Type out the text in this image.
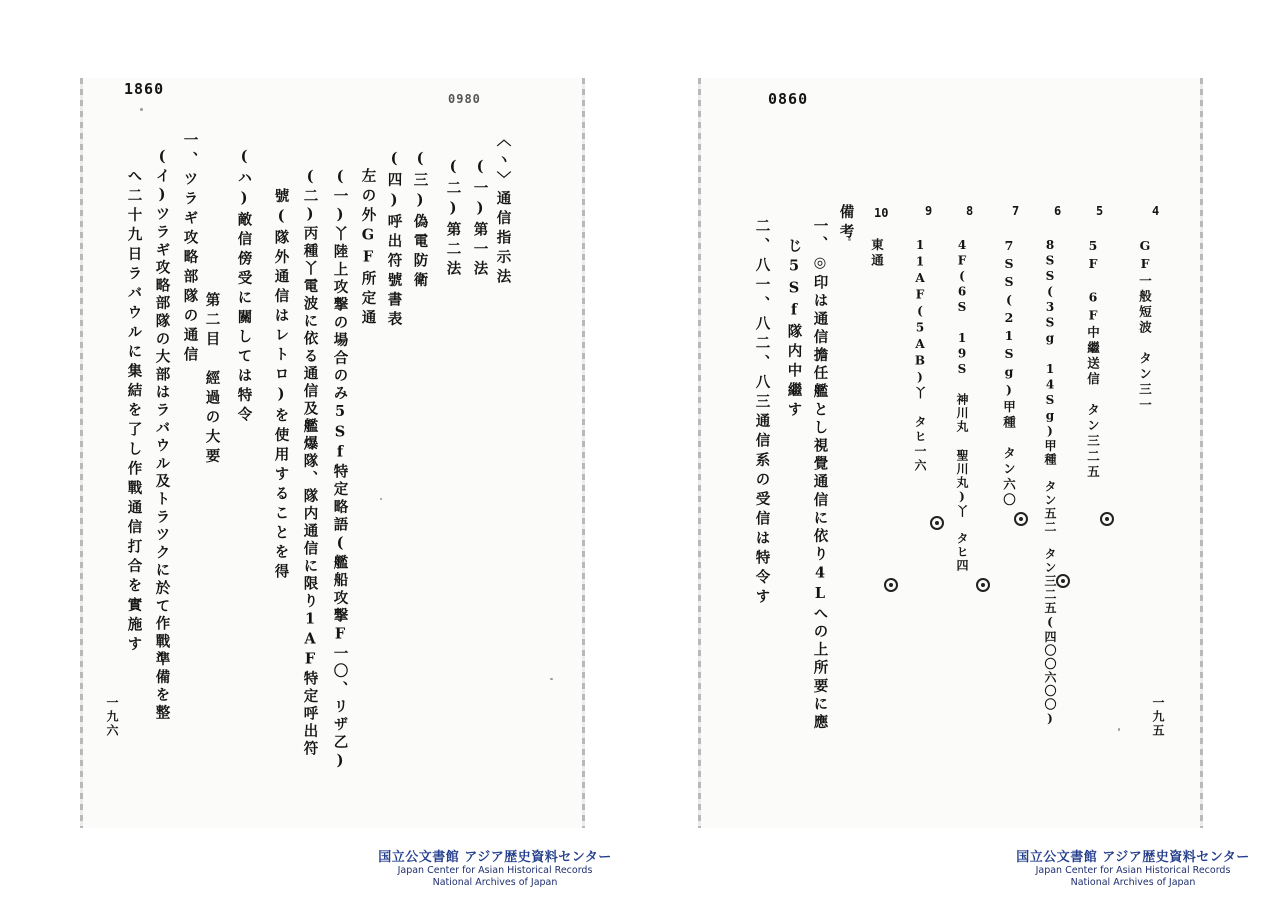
1860
0980
〈ヽ〉通信指示法
(一)第一法
(二)第二法
(三)偽電防衛
(四)呼出符號書表
左の外GF所定通
(一)丫陸上攻撃の場合のみ5Sf特定略語(艦船攻撃F一〇、リザ乙)
(二)丙種丫電波に依る通信及艦爆隊、隊内通信に限り1AF特定呼出符
號(隊外通信はレトロ)を使用することを得
(ハ)敵信傍受に關しては特令
一、ツラギ攻略部隊の通信
第二目　經過の大要
(イ)ツラギ攻略部隊の大部はラバウル及トラツクに於て作戰準備を整
へ二十九日ラバウルに集結を了し作戰通信打合を實施す
一九六
0860
4
5
6
7
8
9
10
GF一般短波　タン三一
5F　6F中繼送信　タン三二五
8SS(3Sg 14Sg)甲種　タン五二　タン三二五(四〇〇六〇〇)
7SS(21Sg)甲種　タン六〇
4F(6S 19S 神川丸 聖川丸)丫　タヒ四
11AF(5AB)丫　タヒ一六
東通
備考
一、◎印は通信擔任艦とし視覺通信に依り4Lへの上所要に應
じ5Sf隊内中繼す
二、八一、八二、八三通信系の受信は特令す
一九五
国立公文書館 アジア歴史資料センター
Japan Center for Asian Historical Records
National Archives of Japan
国立公文書館 アジア歴史資料センター
Japan Center for Asian Historical Records
National Archives of Japan
